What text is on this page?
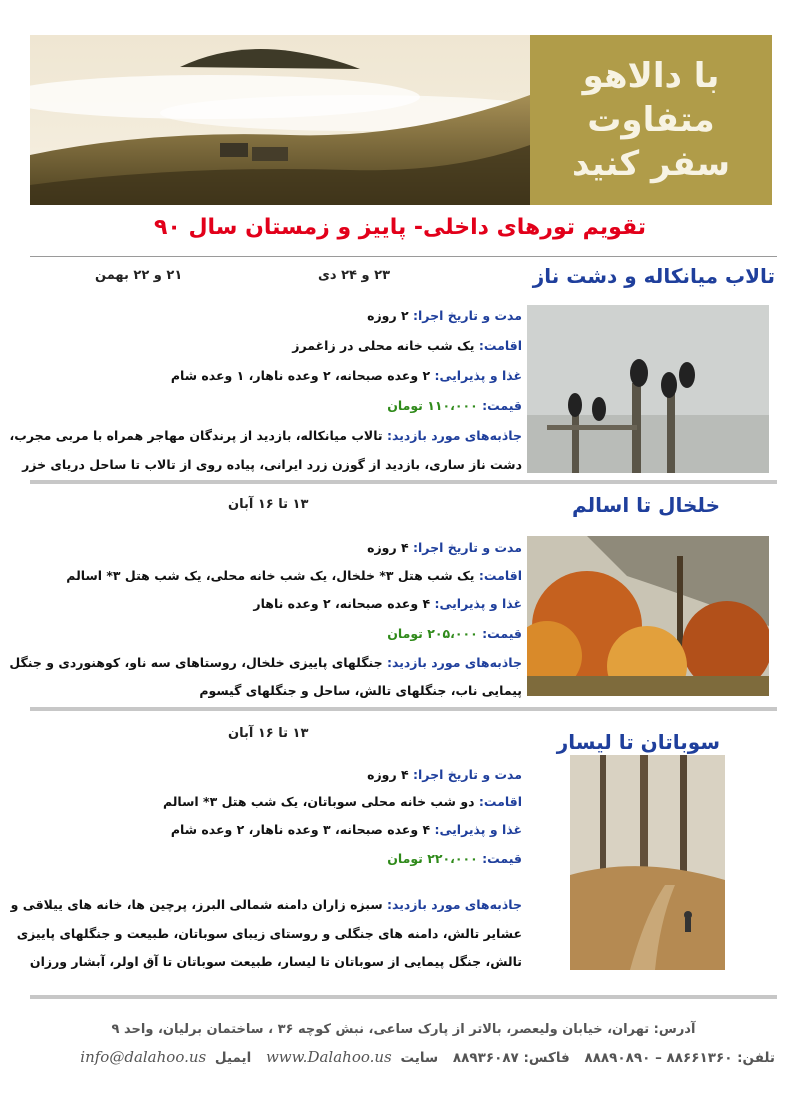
با دالاهو
متفاوت
سفر کنید
تقویم تورهای داخلی- پاییز و زمستان سال ۹۰
تالاب میانکاله و دشت ناز
۲۳ و ۲۴ دی
۲۱ و ۲۲ بهمن
مدت و تاریخ اجرا: ۲ روزه
اقامت: یک شب خانه محلی در زاغمرز
غذا و پذیرایی: ۲ وعده صبحانه، ۲ وعده ناهار، ۱ وعده شام
قیمت: ۱۱۰،۰۰۰ تومان
جاذبه‌های مورد بازدید: تالاب میانکاله، بازدید از پرندگان مهاجر همراه با مربی مجرب،
دشت ناز ساری، بازدید از گوزن زرد ایرانی، پیاده روی از تالاب تا ساحل دریای خزر
خلخال تا اسالم
۱۳ تا ۱۶ آبان
مدت و تاریخ اجرا: ۴ روزه
اقامت: یک شب هتل ۳* خلخال، یک شب خانه محلی، یک شب هتل ۳* اسالم
غذا و پذیرایی: ۴ وعده صبحانه، ۲ وعده ناهار
قیمت: ۲۰۵،۰۰۰ تومان
جاذبه‌های مورد بازدید: جنگلهای پاییزی خلخال، روستاهای سه ناو، کوهنوردی و جنگل
پیمایی ناب، جنگلهای تالش، ساحل و جنگلهای گیسوم
سوباتان تا لیسار
۱۳ تا ۱۶ آبان
مدت و تاریخ اجرا: ۴ روزه
اقامت: دو شب خانه محلی سوباتان، یک شب هتل ۳* اسالم
غذا و پذیرایی: ۴ وعده صبحانه، ۳ وعده ناهار، ۲ وعده شام
قیمت: ۲۲۰،۰۰۰ تومان
جاذبه‌های مورد بازدید: سبزه زاران دامنه شمالی البرز، پرچین ها، خانه های ییلاقی و
عشایر تالش، دامنه های جنگلی و روستای زیبای سوباتان، طبیعت و جنگلهای پاییزی
تالش، جنگل پیمایی از سوباتان تا لیسار، طبیعت سوباتان تا آق اولر، آبشار ورزان
آدرس: تهران، خیابان ولیعصر، بالاتر از پارک ساعی، نبش کوچه ۳۶ ، ساختمان برلیان، واحد ۹
تلفن: ۸۸۶۶۱۳۶۰ – ۸۸۸۹۰۸۹۰ فاکس: ۸۸۹۳۶۰۸۷ سایت www.Dalahoo.us ایمیل info@dalahoo.us
